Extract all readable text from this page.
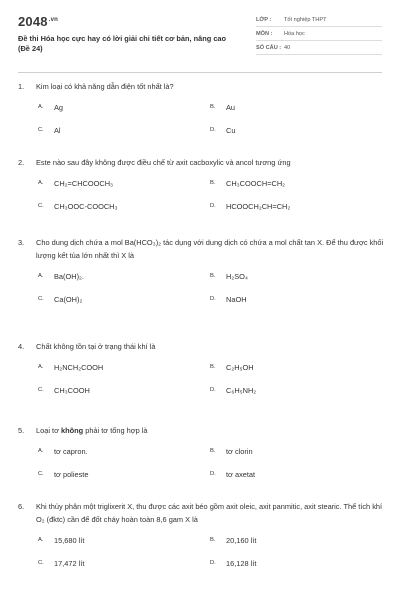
$2048^{.vn}$
Đề thi Hóa học cực hay có lời giải chi tiết cơ bản, nâng cao
(Đề 24)
LỚP :	Tốt nghiệp THPT
MÔN :	Hóa học
SỐ CÂU : 40
1.	Kim loại có khả năng dẫn điện tốt nhất là?
A.	Ag	B.	Au
C.	Al	D.	Cu
2.	Este nào sau đây không được điều chế từ axit cacboxylic và ancol tương ứng
A.	CH₂=CHCOOCH₃	B.	CH₃COOCH=CH₂
C.	CH₃OOC-COOCH₃	D.	HCOOCH₂CH=CH₂
3.	Cho dung dịch chứa a mol Ba(HCO₃)₂ tác dụng với dung dịch có chứa a mol chất tan X. Để thu được khối lượng kết tủa lớn nhất thì X là
A.	Ba(OH)₂.	B.	H₂SO₄
C.	Ca(OH)₂	D.	NaOH
4.	Chất không tồn tại ở trạng thái khí là
A.	H₂NCH₂COOH	B.	C₂H₅OH
C.	CH₃COOH	D.	C₆H₅NH₂
5.	Loại tơ không phải tơ tổng hợp là
A.	tơ capron.	B.	tơ clorin
C.	tơ polieste	D.	tơ axetat
6.	Khi thủy phân một triglixerit X, thu được các axit béo gồm axit oleic, axit panmitic, axit stearic. Thể tích khí O₂ (đktc) cần để đốt cháy hoàn toàn 8,6 gam X là
A.	15,680 lít	B.	20,160 lít
C.	17,472 lít	D.	16,128 lít
